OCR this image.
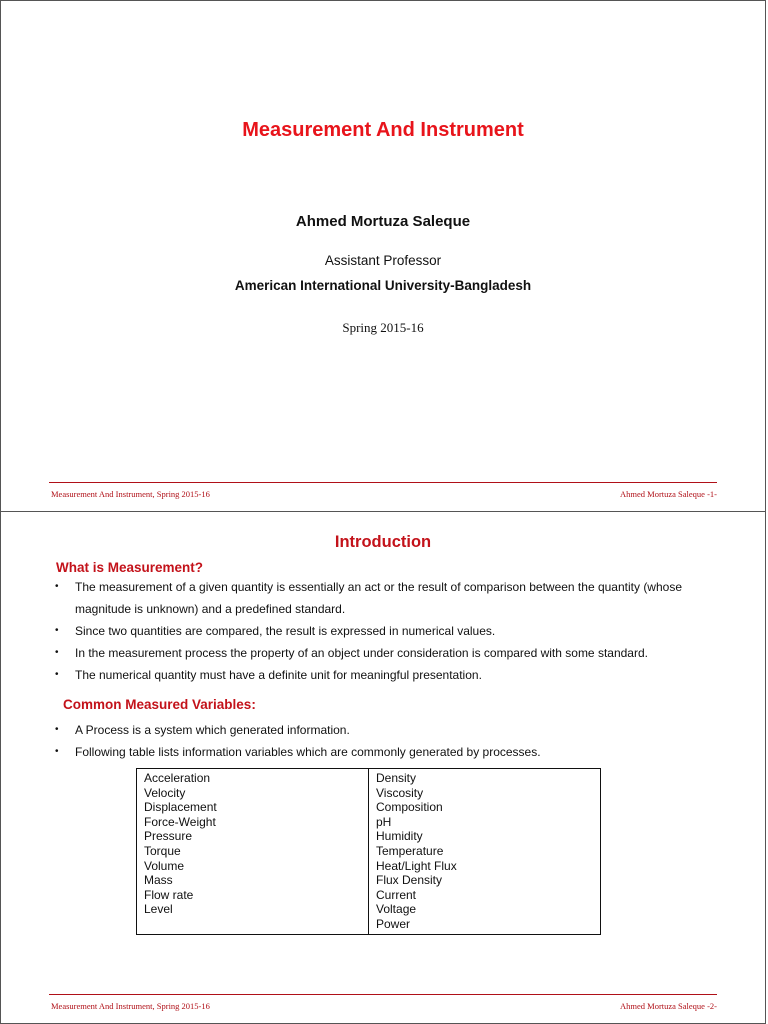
Measurement And Instrument
Ahmed Mortuza Saleque
Assistant Professor
American International University-Bangladesh
Spring 2015-16
Measurement And Instrument, Spring 2015-16	Ahmed Mortuza Saleque -1-
Introduction
What is Measurement?
• The measurement of a given quantity is essentially an act or the result of comparison between the quantity (whose magnitude is unknown) and a predefined standard.
• Since two quantities are compared, the result is expressed in numerical values.
• In the measurement process the property of an object under consideration is compared with some standard.
• The numerical quantity must have a definite unit for meaningful presentation.
Common Measured Variables:
• A Process is a system which generated information.
• Following table lists information variables which are commonly generated by processes.
Acceleration
Velocity
Displacement
Force-Weight
Pressure
Torque
Volume
Mass
Flow rate
Level
Density
Viscosity
Composition
pH
Humidity
Temperature
Heat/Light Flux
Flux Density
Current
Voltage
Power
Measurement And Instrument, Spring 2015-16	Ahmed Mortuza Saleque -2-
